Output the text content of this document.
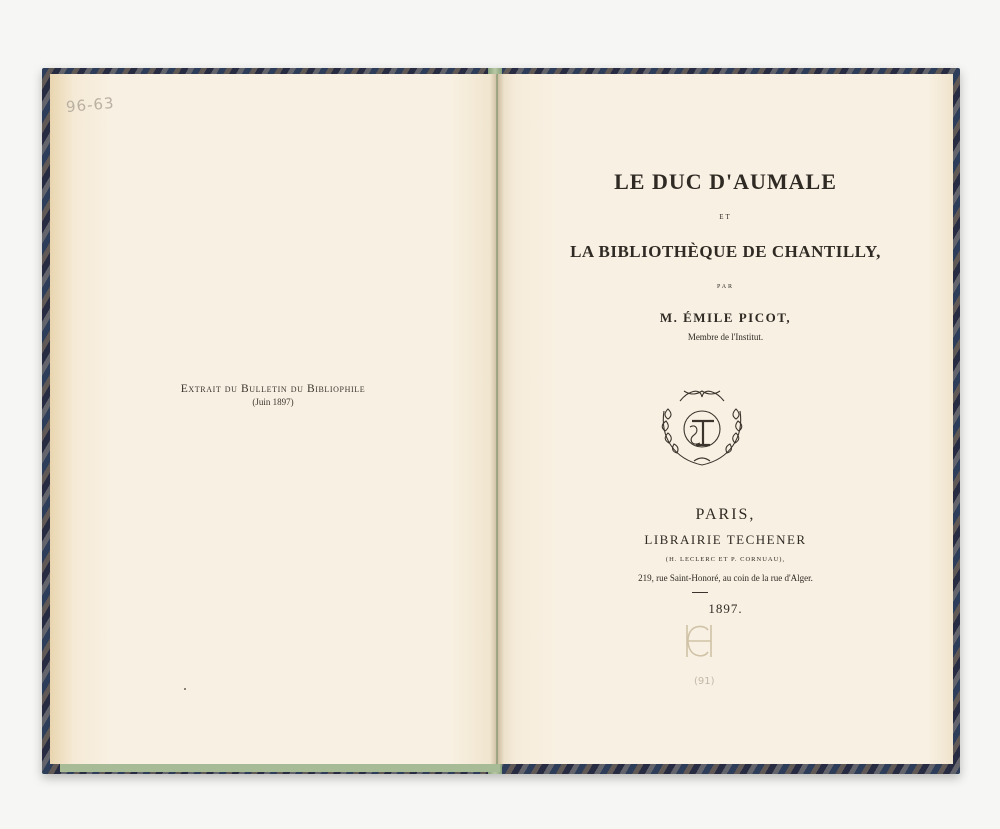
96-63
Extrait du Bulletin du Bibliophile
(Juin 1897)
LE DUC D'AUMALE
ET
LA BIBLIOTHÈQUE DE CHANTILLY,
PAR
M. ÉMILE PICOT,
Membre de l'Institut.
PARIS,
LIBRAIRIE TECHENER
(H. LECLERC ET P. CORNUAU),
219, rue Saint-Honoré, au coin de la rue d'Alger.
1897.
(91)
